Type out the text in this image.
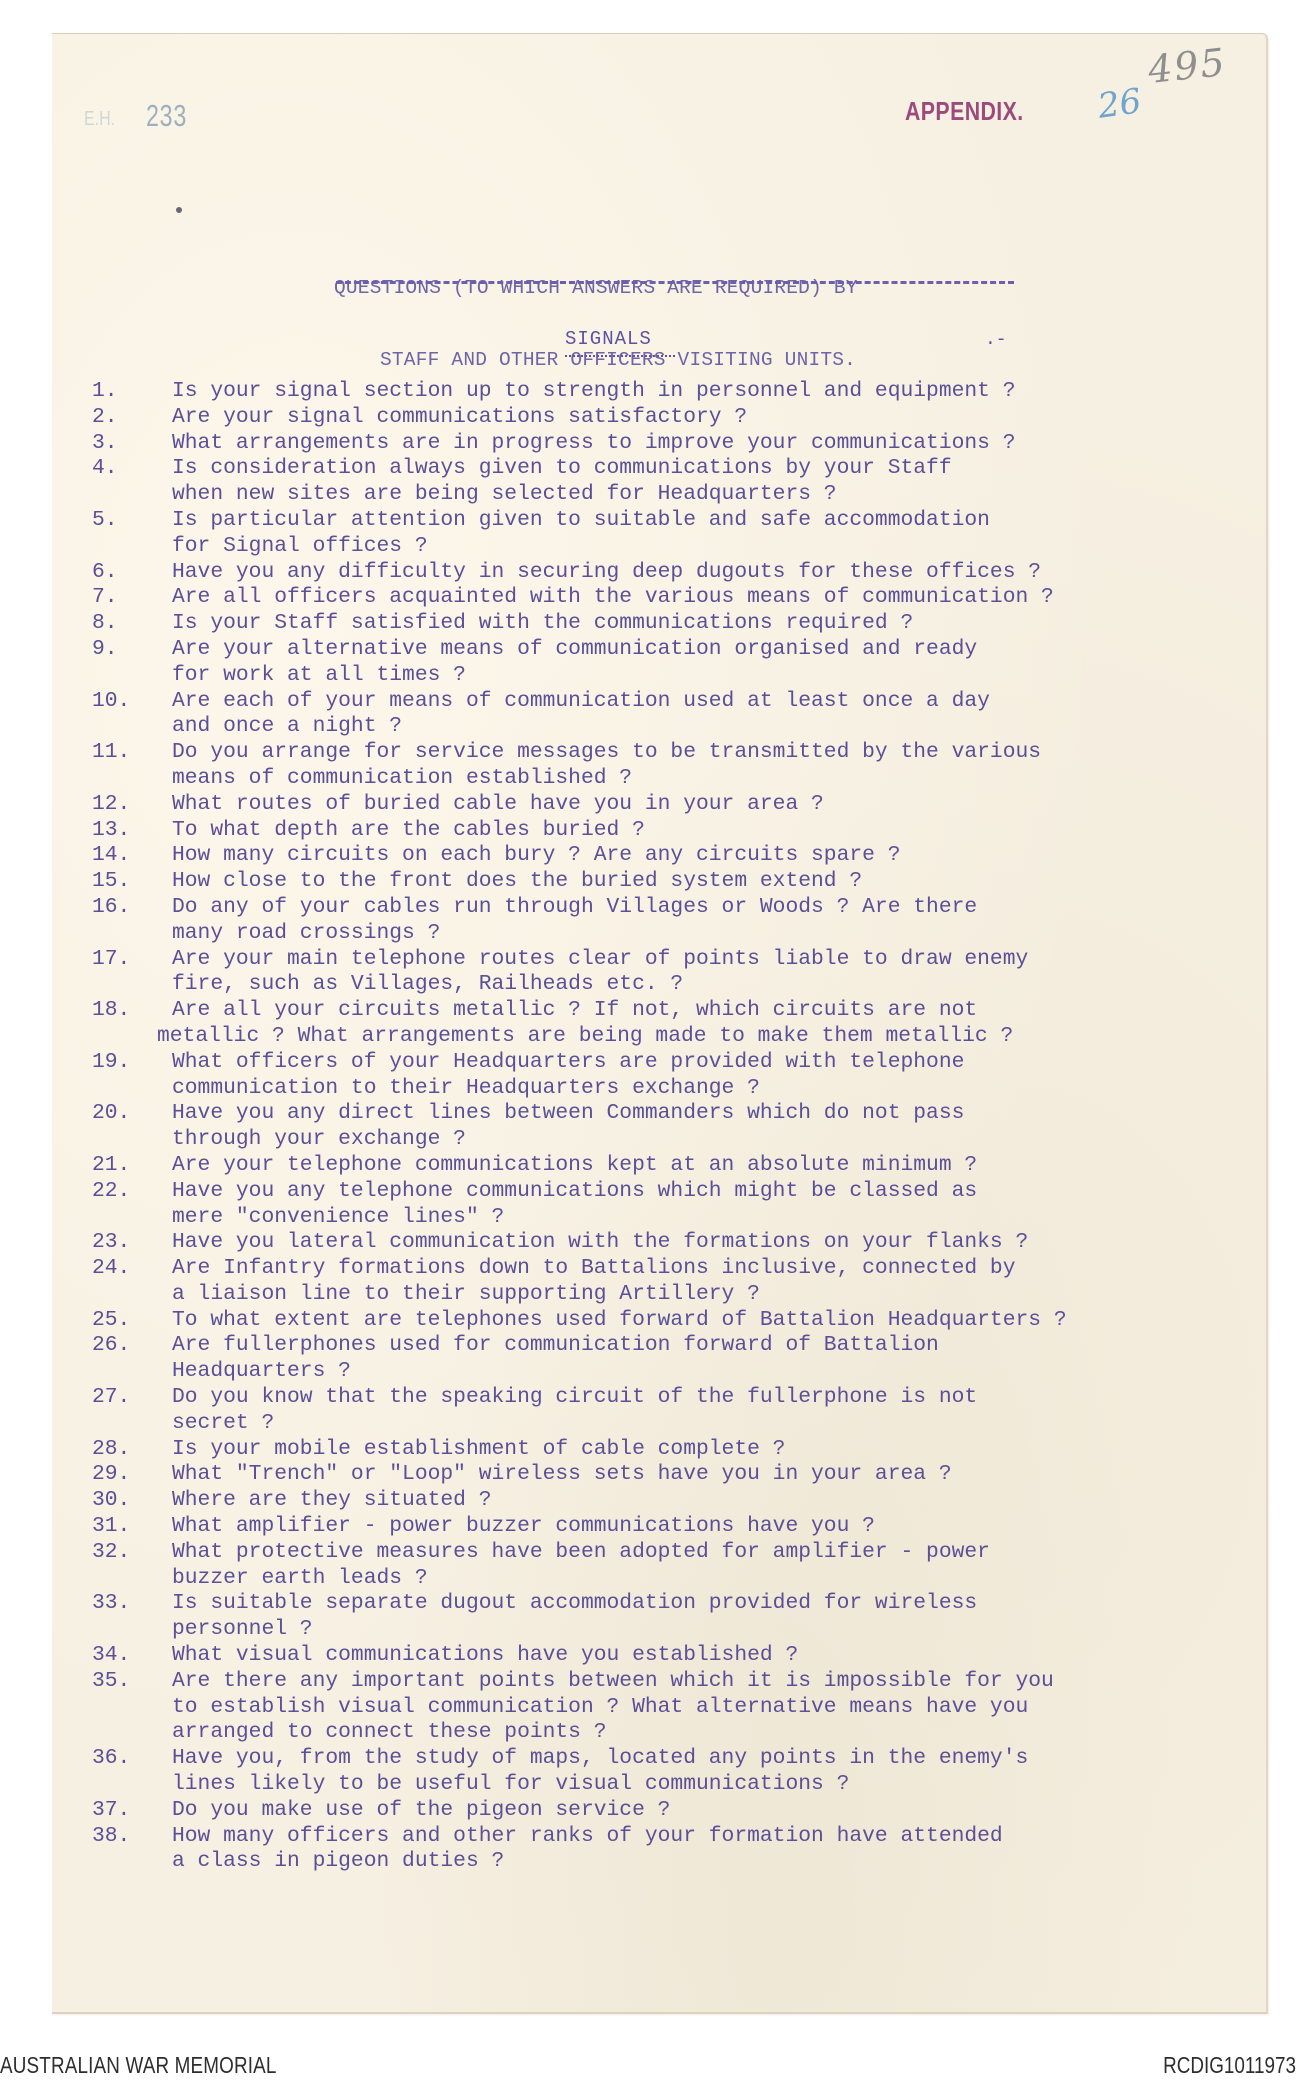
E.H. 233	APPENDIX. 26
495

QUESTIONS (TO WHICH ANSWERS ARE REQUIRED) BY

STAFF AND OTHER OFFICERS VISITING UNITS.

SIGNALS	.-
1.	Is your signal section up to strength in personnel and equipment ?
2.	Are your signal communications satisfactory ?
3.	What arrangements are in progress to improve your communications ?
4.	Is consideration always given to communications by your Staff
when new sites are being selected for Headquarters ?
5.	Is particular attention given to suitable and safe accommodation
for Signal offices ?
6.	Have you any difficulty in securing deep dugouts for these offices ?
7.	Are all officers acquainted with the various means of communication ?
8.	Is your Staff satisfied with the communications required ?
9.	Are your alternative means of communication organised and ready
for work at all times ?
10.	Are each of your means of communication used at least once a day
and once a night ?
11.	Do you arrange for service messages to be transmitted by the various
means of communication established ?
12.	What routes of buried cable have you in your area ?
13.	To what depth are the cables buried ?
14.	How many circuits on each bury ? Are any circuits spare ?
15.	How close to the front does the buried system extend ?
16.	Do any of your cables run through Villages or Woods ? Are there
many road crossings ?
17.	Are your main telephone routes clear of points liable to draw enemy
fire, such as Villages, Railheads etc. ?
18.	Are all your circuits metallic ? If not, which circuits are not
metallic ? What arrangements are being made to make them metallic ?
19.	What officers of your Headquarters are provided with telephone
communication to their Headquarters exchange ?
20.	Have you any direct lines between Commanders which do not pass
through your exchange ?
21.	Are your telephone communications kept at an absolute minimum ?
22.	Have you any telephone communications which might be classed as
mere "convenience lines" ?
23.	Have you lateral communication with the formations on your flanks ?
24.	Are Infantry formations down to Battalions inclusive, connected by
a liaison line to their supporting Artillery ?
25.	To what extent are telephones used forward of Battalion Headquarters ?
26.	Are fullerphones used for communication forward of Battalion
Headquarters ?
27.	Do you know that the speaking circuit of the fullerphone is not
secret ?
28.	Is your mobile establishment of cable complete ?
29.	What "Trench" or "Loop" wireless sets have you in your area ?
30.	Where are they situated ?
31.	What amplifier - power buzzer communications have you ?
32.	What protective measures have been adopted for amplifier - power
buzzer earth leads ?
33.	Is suitable separate dugout accommodation provided for wireless
personnel ?
34.	What visual communications have you established ?
35.	Are there any important points between which it is impossible for you
to establish visual communication ? What alternative means have you
arranged to connect these points ?
36.	Have you, from the study of maps, located any points in the enemy's
lines likely to be useful for visual communications ?
37.	Do you make use of the pigeon service ?
38.	How many officers and other ranks of your formation have attended
a class in pigeon duties ?
AUSTRALIAN WAR MEMORIAL	RCDIG1011973
